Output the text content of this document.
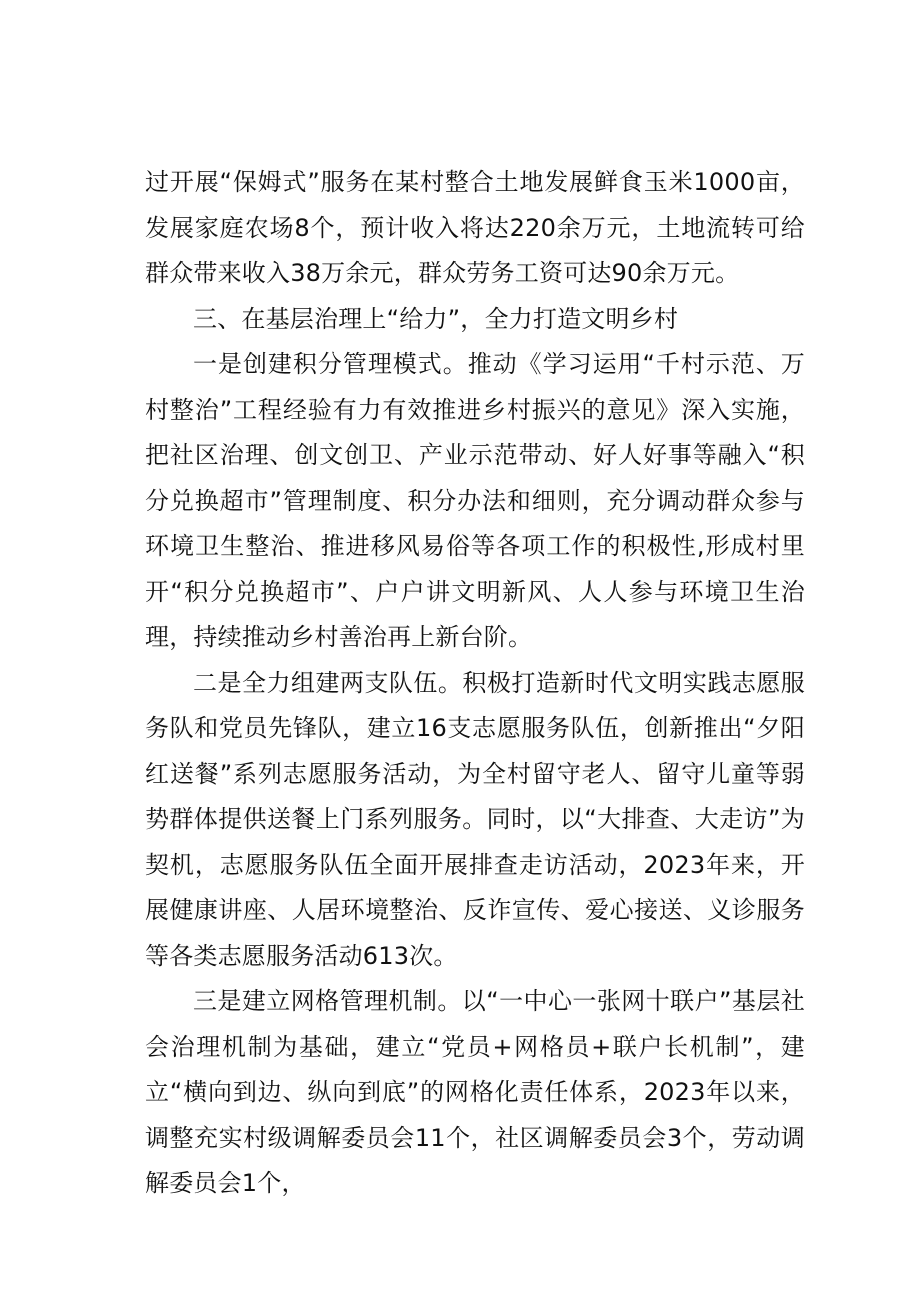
过开展“保姆式”服务在某村整合土地发展鲜食玉米1000亩，发展家庭农场8个，预计收入将达220余万元，土地流转可给群众带来收入38万余元，群众劳务工资可达90余万元。

三、在基层治理上“给力”，全力打造文明乡村

一是创建积分管理模式。推动《学习运用“千村示范、万村整治”工程经验有力有效推进乡村振兴的意见》深入实施，把社区治理、创文创卫、产业示范带动、好人好事等融入“积分兑换超市”管理制度、积分办法和细则，充分调动群众参与环境卫生整治、推进移风易俗等各项工作的积极性,形成村里开“积分兑换超市”、户户讲文明新风、人人参与环境卫生治理，持续推动乡村善治再上新台阶。

二是全力组建两支队伍。积极打造新时代文明实践志愿服务队和党员先锋队，建立16支志愿服务队伍，创新推出“夕阳红送餐”系列志愿服务活动，为全村留守老人、留守儿童等弱势群体提供送餐上门系列服务。同时，以“大排查、大走访”为契机，志愿服务队伍全面开展排查走访活动，2023年来，开展健康讲座、人居环境整治、反诈宣传、爱心接送、义诊服务等各类志愿服务活动613次。

三是建立网格管理机制。以“一中心一张网十联户”基层社会治理机制为基础，建立“党员+网格员+联户长机制”，建立“横向到边、纵向到底”的网格化责任体系，2023年以来，调整充实村级调解委员会11个，社区调解委员会3个，劳动调解委员会1个，
